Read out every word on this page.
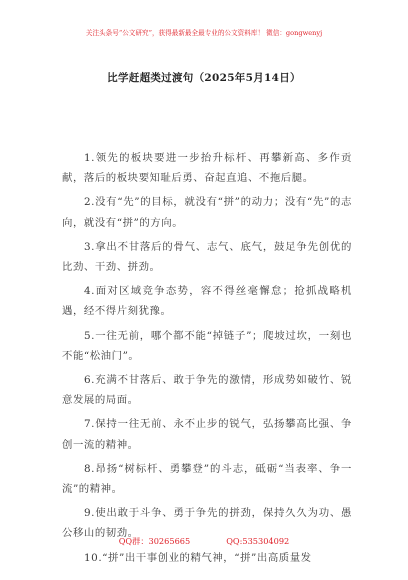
关注头条号“公文研究”，获得最新最全最专业的公文资料库！ 微信：gongwenyj
比学赶超类过渡句（2025年5月14日）

1.领先的板块要进一步抬升标杆、再攀新高、多作贡献，落后的板块要知耻后勇、奋起直追、不拖后腿。

2.没有“先”的目标，就没有“拼”的动力；没有“先”的志向，就没有“拼”的方向。

3.拿出不甘落后的骨气、志气、底气，鼓足争先创优的比劲、干劲、拼劲。

4.面对区域竞争态势，容不得丝毫懈怠；抢抓战略机遇，经不得片刻犹豫。

5.一往无前，哪个都不能“掉链子”；爬坡过坎，一刻也不能“松油门”。

6.充满不甘落后、敢于争先的激情，形成势如破竹、锐意发展的局面。

7.保持一往无前、永不止步的锐气，弘扬攀高比强、争创一流的精神。

8.昂扬“树标杆、勇攀登”的斗志，砥砺“当表率、争一流”的精神。

9.使出敢于斗争、勇于争先的拼劲，保持久久为功、愚公移山的韧劲。

10.“拼”出干事创业的精气神，“拼”出高质量发

QQ群：30265665	QQ:535304092
